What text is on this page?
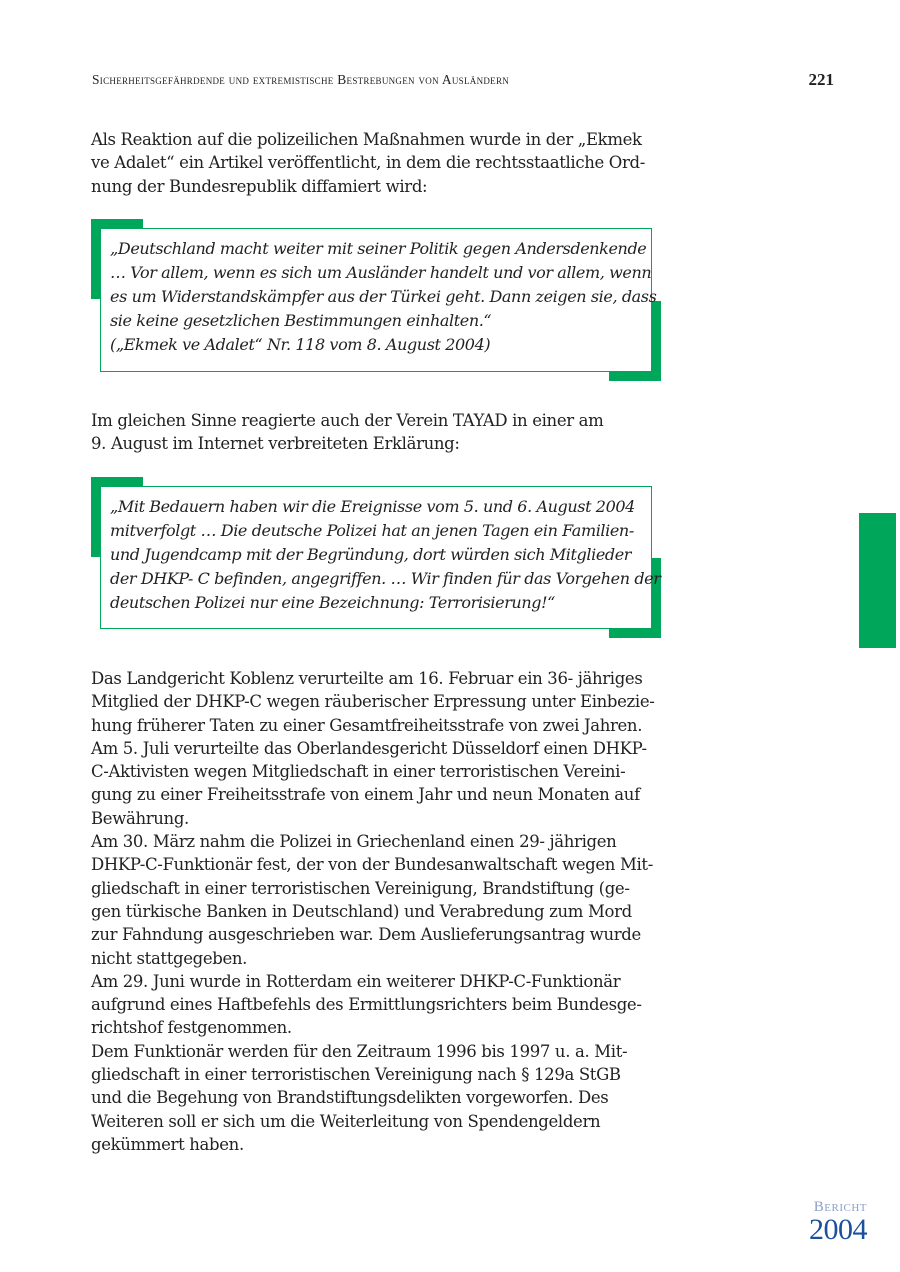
Sicherheitsgefährdende und extremistische Bestrebungen von Ausländern	221

Als Reaktion auf die polizeilichen Maßnahmen wurde in der „Ekmek
ve Adalet“ ein Artikel veröffentlicht, in dem die rechtsstaatliche Ord-
nung der Bundesrepublik diffamiert wird:

„Deutschland macht weiter mit seiner Politik gegen Andersdenkende

… Vor allem, wenn es sich um Ausländer handelt und vor allem, wenn

es um Widerstandskämpfer aus der Türkei geht. Dann zeigen sie, dass

sie keine gesetzlichen Bestimmungen einhalten.“

(„Ekmek ve Adalet“ Nr. 118 vom 8. August 2004)

Im gleichen Sinne reagierte auch der Verein TAYAD in einer am
9. August im Internet verbreiteten Erklärung:

„Mit Bedauern haben wir die Ereignisse vom 5. und 6. August 2004

mitverfolgt … Die deutsche Polizei hat an jenen Tagen ein Familien-

und Jugendcamp mit der Begründung, dort würden sich Mitglieder

der DHKP- C befinden, angegriffen. … Wir finden für das Vorgehen der

deutschen Polizei nur eine Bezeichnung: Terrorisierung!“

Das Landgericht Koblenz verurteilte am 16. Februar ein 36- jähriges
Mitglied der DHKP-C wegen räuberischer Erpressung unter Einbezie-
hung früherer Taten zu einer Gesamtfreiheitsstrafe von zwei Jahren.
Am 5. Juli verurteilte das Oberlandesgericht Düsseldorf einen DHKP-
C-Aktivisten wegen Mitgliedschaft in einer terroristischen Vereini-
gung zu einer Freiheitsstrafe von einem Jahr und neun Monaten auf
Bewährung.
Am 30. März nahm die Polizei in Griechenland einen 29- jährigen
DHKP-C-Funktionär fest, der von der Bundesanwaltschaft wegen Mit-
gliedschaft in einer terroristischen Vereinigung, Brandstiftung (ge-
gen türkische Banken in Deutschland) und Verabredung zum Mord
zur Fahndung ausgeschrieben war. Dem Auslieferungsantrag wurde
nicht stattgegeben.
Am 29. Juni wurde in Rotterdam ein weiterer DHKP-C-Funktionär
aufgrund eines Haftbefehls des Ermittlungsrichters beim Bundesge-
richtshof festgenommen.
Dem Funktionär werden für den Zeitraum 1996 bis 1997 u. a. Mit-
gliedschaft in einer terroristischen Vereinigung nach § 129a StGB
und die Begehung von Brandstiftungsdelikten vorgeworfen. Des
Weiteren soll er sich um die Weiterleitung von Spendengeldern
gekümmert haben.

Bericht
2004
